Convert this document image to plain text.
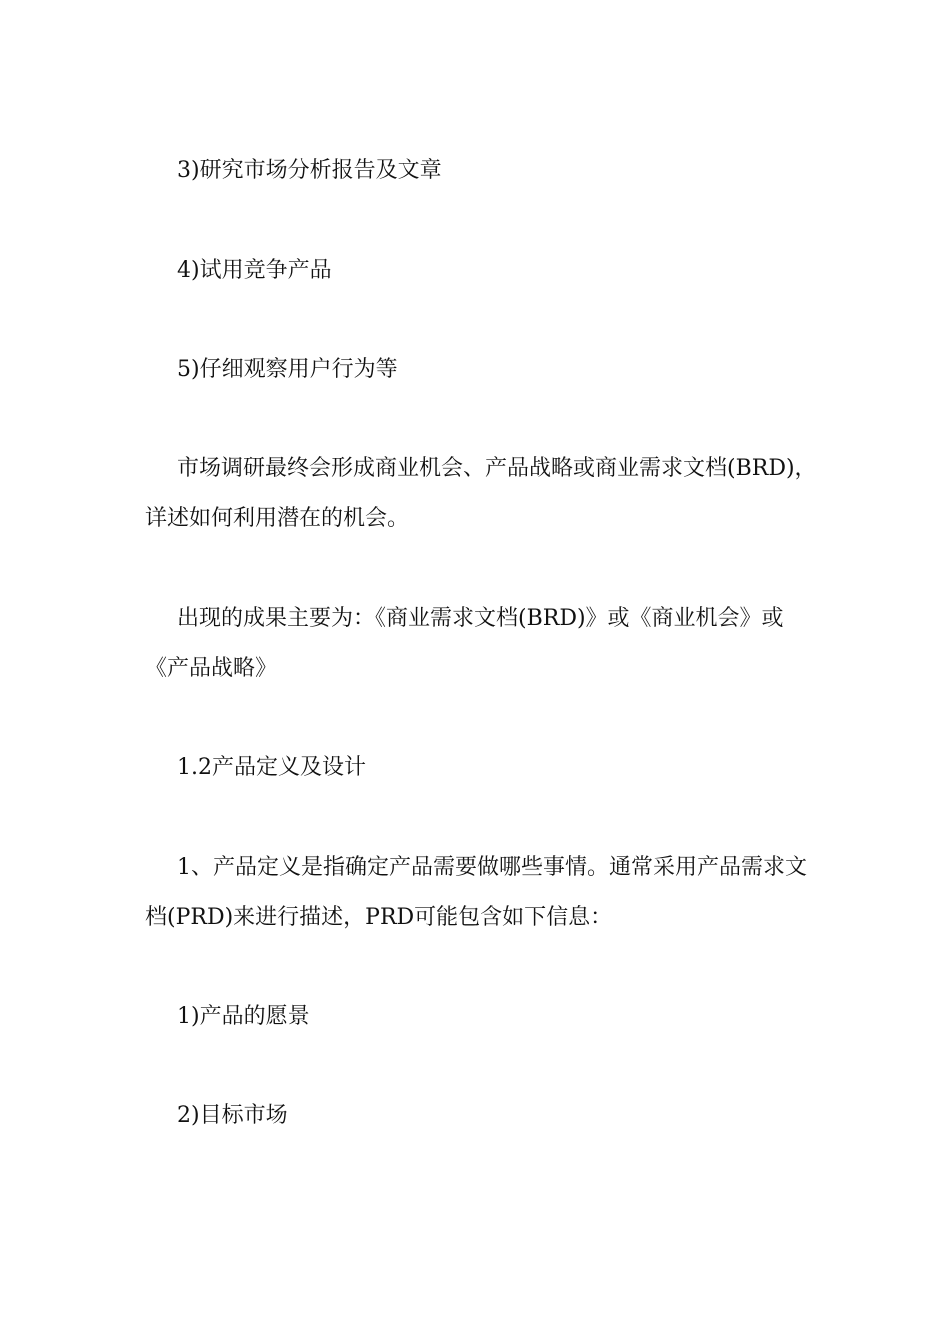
3)研究市场分析报告及文章

4)试用竞争产品

5)仔细观察用户行为等

市场调研最终会形成商业机会、产品战略或商业需求文档(BRD)，详述如何利用潜在的机会。

出现的成果主要为：《商业需求文档(BRD)》或《商业机会》或《产品战略》

1.2产品定义及设计

1、产品定义是指确定产品需要做哪些事情。通常采用产品需求文档(PRD)来进行描述，PRD可能包含如下信息：

1)产品的愿景

2)目标市场
